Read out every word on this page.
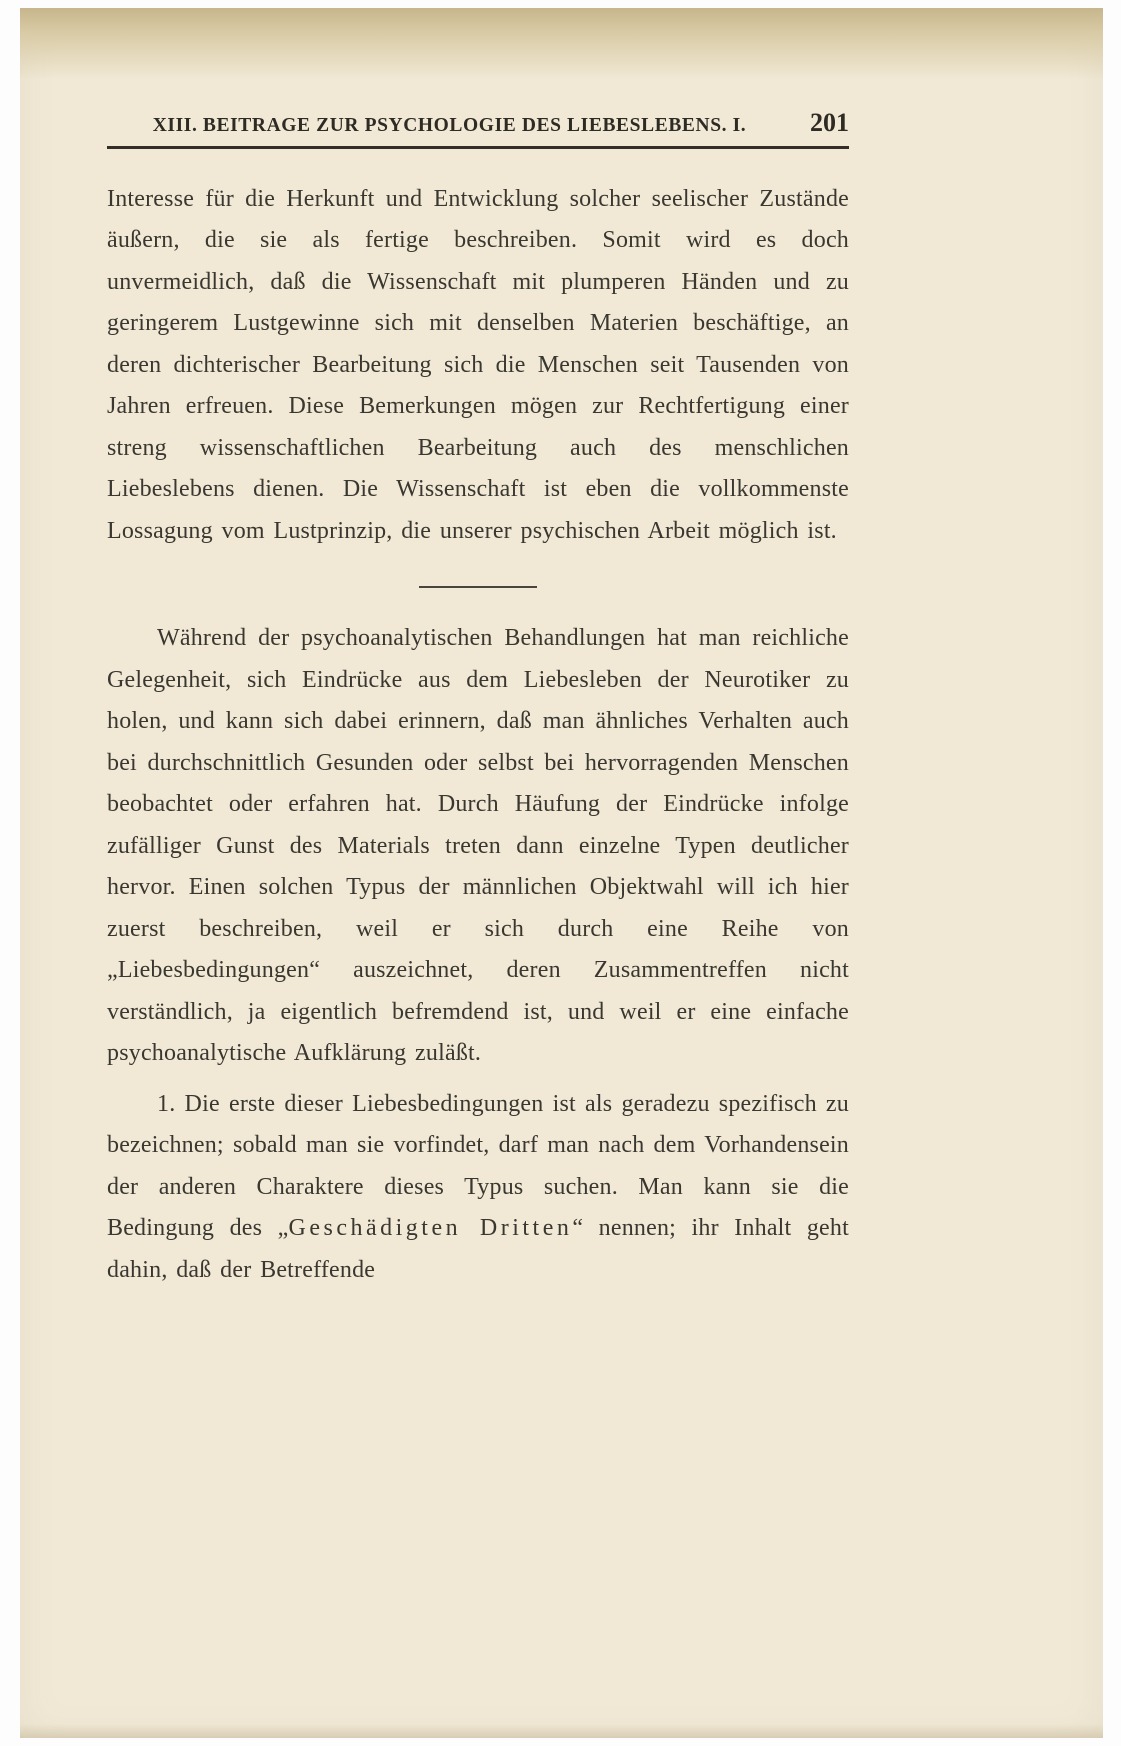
XIII. BEITRAGE ZUR PSYCHOLOGIE DES LIEBESLEBENS. I.	201

Interesse für die Herkunft und Entwicklung solcher seelischer Zustände äußern, die sie als fertige beschreiben. Somit wird es doch unvermeidlich, daß die Wissenschaft mit plumperen Händen und zu geringerem Lustgewinne sich mit denselben Materien beschäftige, an deren dichterischer Bearbeitung sich die Menschen seit Tausenden von Jahren erfreuen. Diese Bemerkungen mögen zur Rechtfertigung einer streng wissenschaftlichen Bearbeitung auch des menschlichen Liebeslebens dienen. Die Wissenschaft ist eben die vollkommenste Lossagung vom Lustprinzip, die unserer psychischen Arbeit möglich ist.

Während der psychoanalytischen Behandlungen hat man reichliche Gelegenheit, sich Eindrücke aus dem Liebesleben der Neurotiker zu holen, und kann sich dabei erinnern, daß man ähnliches Verhalten auch bei durchschnittlich Gesunden oder selbst bei hervorragenden Menschen beobachtet oder erfahren hat. Durch Häufung der Eindrücke infolge zufälliger Gunst des Materials treten dann einzelne Typen deutlicher hervor. Einen solchen Typus der männlichen Objektwahl will ich hier zuerst beschreiben, weil er sich durch eine Reihe von „Liebesbedingungen“ auszeichnet, deren Zusammentreffen nicht verständlich, ja eigentlich befremdend ist, und weil er eine einfache psychoanalytische Aufklärung zuläßt.

1. Die erste dieser Liebesbedingungen ist als geradezu spezifisch zu bezeichnen; sobald man sie vorfindet, darf man nach dem Vorhandensein der anderen Charaktere dieses Typus suchen. Man kann sie die Bedingung des „Geschädigten Dritten“ nennen; ihr Inhalt geht dahin, daß der Betreffende
